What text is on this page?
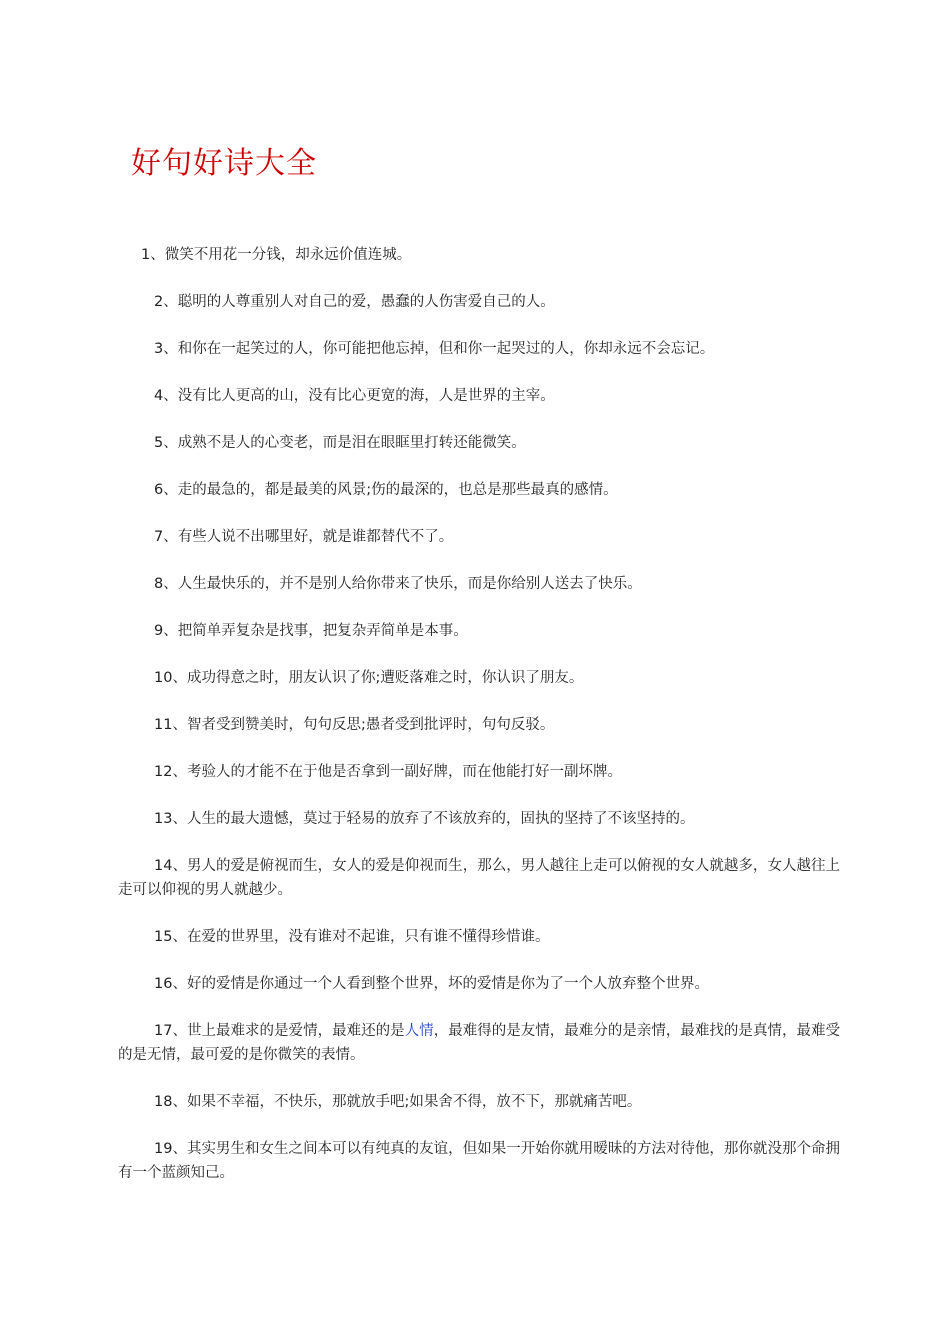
好句好诗大全

1、微笑不用花一分钱，却永远价值连城。

2、聪明的人尊重别人对自己的爱，愚蠢的人伤害爱自己的人。

3、和你在一起笑过的人，你可能把他忘掉，但和你一起哭过的人，你却永远不会忘记。

4、没有比人更高的山，没有比心更宽的海，人是世界的主宰。

5、成熟不是人的心变老，而是泪在眼眶里打转还能微笑。

6、走的最急的，都是最美的风景;伤的最深的，也总是那些最真的感情。

7、有些人说不出哪里好，就是谁都替代不了。

8、人生最快乐的，并不是别人给你带来了快乐，而是你给别人送去了快乐。

9、把简单弄复杂是找事，把复杂弄简单是本事。

10、成功得意之时，朋友认识了你;遭贬落难之时，你认识了朋友。

11、智者受到赞美时，句句反思;愚者受到批评时，句句反驳。

12、考验人的才能不在于他是否拿到一副好牌，而在他能打好一副坏牌。

13、人生的最大遗憾，莫过于轻易的放弃了不该放弃的，固执的坚持了不该坚持的。

14、男人的爱是俯视而生，女人的爱是仰视而生，那么，男人越往上走可以俯视的女人就越多，女人越往上走可以仰视的男人就越少。

15、在爱的世界里，没有谁对不起谁，只有谁不懂得珍惜谁。

16、好的爱情是你通过一个人看到整个世界，坏的爱情是你为了一个人放弃整个世界。

17、世上最难求的是爱情，最难还的是人情，最难得的是友情，最难分的是亲情，最难找的是真情，最难受的是无情，最可爱的是你微笑的表情。

18、如果不幸福，不快乐，那就放手吧;如果舍不得，放不下，那就痛苦吧。

19、其实男生和女生之间本可以有纯真的友谊，但如果一开始你就用暧昧的方法对待他，那你就没那个命拥有一个蓝颜知己。
